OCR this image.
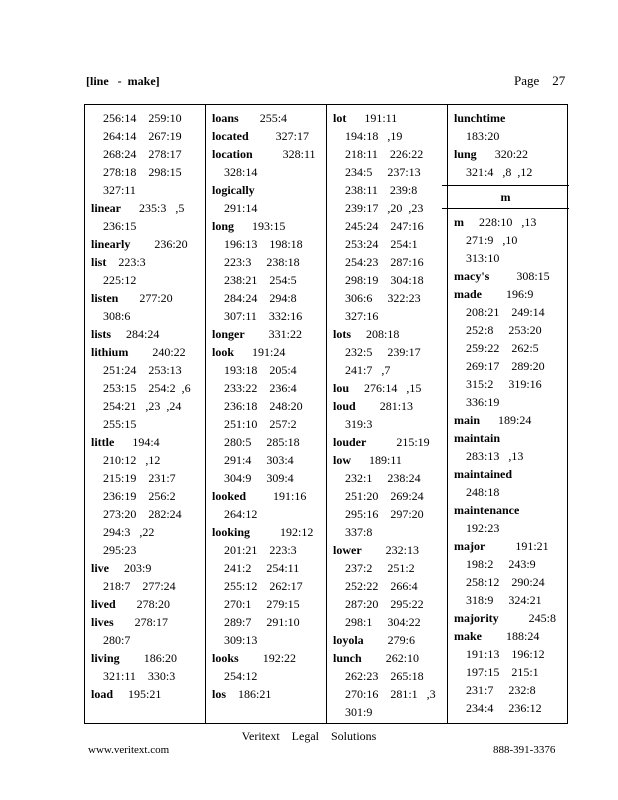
[line   -  make]	Page    27
256:14    259:10
264:14    267:19
268:24    278:17
278:18    298:15
327:11
linear      235:3   ,5
236:15
linearly        236:20
list    223:3
225:12
listen       277:20
308:6
lists     284:24
lithium        240:22
251:24    253:13
253:15    254:2  ,6
254:21   ,23  ,24
255:15
little      194:4
210:12   ,12
215:19    231:7
236:19    256:2
273:20    282:24
294:3   ,22
295:23
live     203:9
218:7    277:24
lived       278:20
lives       278:17
280:7
living        186:20
321:11    330:3
load     195:21
loans       255:4
located         327:17
location          328:11
328:14
logically
291:14
long      193:15
196:13    198:18
223:3     238:18
238:21    254:5
284:24    294:8
307:11    332:16
longer        331:22
look      191:24
193:18    205:4
233:22    236:4
236:18    248:20
251:10    257:2
280:5     285:18
291:4     303:4
304:9     309:4
looked         191:16
264:12
looking          192:12
201:21    223:3
241:2     254:11
255:12    262:17
270:1     279:15
289:7     291:10
309:13
looks        192:22
254:12
los    186:21
lot      191:11
194:18   ,19
218:11    226:22
234:5     237:13
238:11    239:8
239:17   ,20  ,23
245:24    247:16
253:24    254:1
254:23    287:16
298:19    304:18
306:6     322:23
327:16
lots     208:18
232:5     239:17
241:7   ,7
lou     276:14   ,15
loud        281:13
319:3
louder          215:19
low      189:11
232:1     238:24
251:20    269:24
295:16    297:20
337:8
lower        232:13
237:2     251:2
252:22    266:4
287:20    295:22
298:1     304:22
loyola        279:6
lunch        262:10
262:23    265:18
270:16    281:1   ,3
301:9
lunchtime
183:20
lung      320:22
321:4   ,8  ,12
m
m     228:10   ,13
271:9   ,10
313:10
macy's         308:15
made        196:9
208:21    249:14
252:8     253:20
259:22    262:5
269:17    289:20
315:2     319:16
336:19
main      189:24
maintain
283:13   ,13
maintained
248:18
maintenance
192:23
major          191:21
198:2     243:9
258:12    290:24
318:9     324:21
majority          245:8
make        188:24
191:13    196:12
197:15    215:1
231:7     232:8
234:4     236:12
Veritext    Legal    Solutions
www.veritext.com	888-391-3376
